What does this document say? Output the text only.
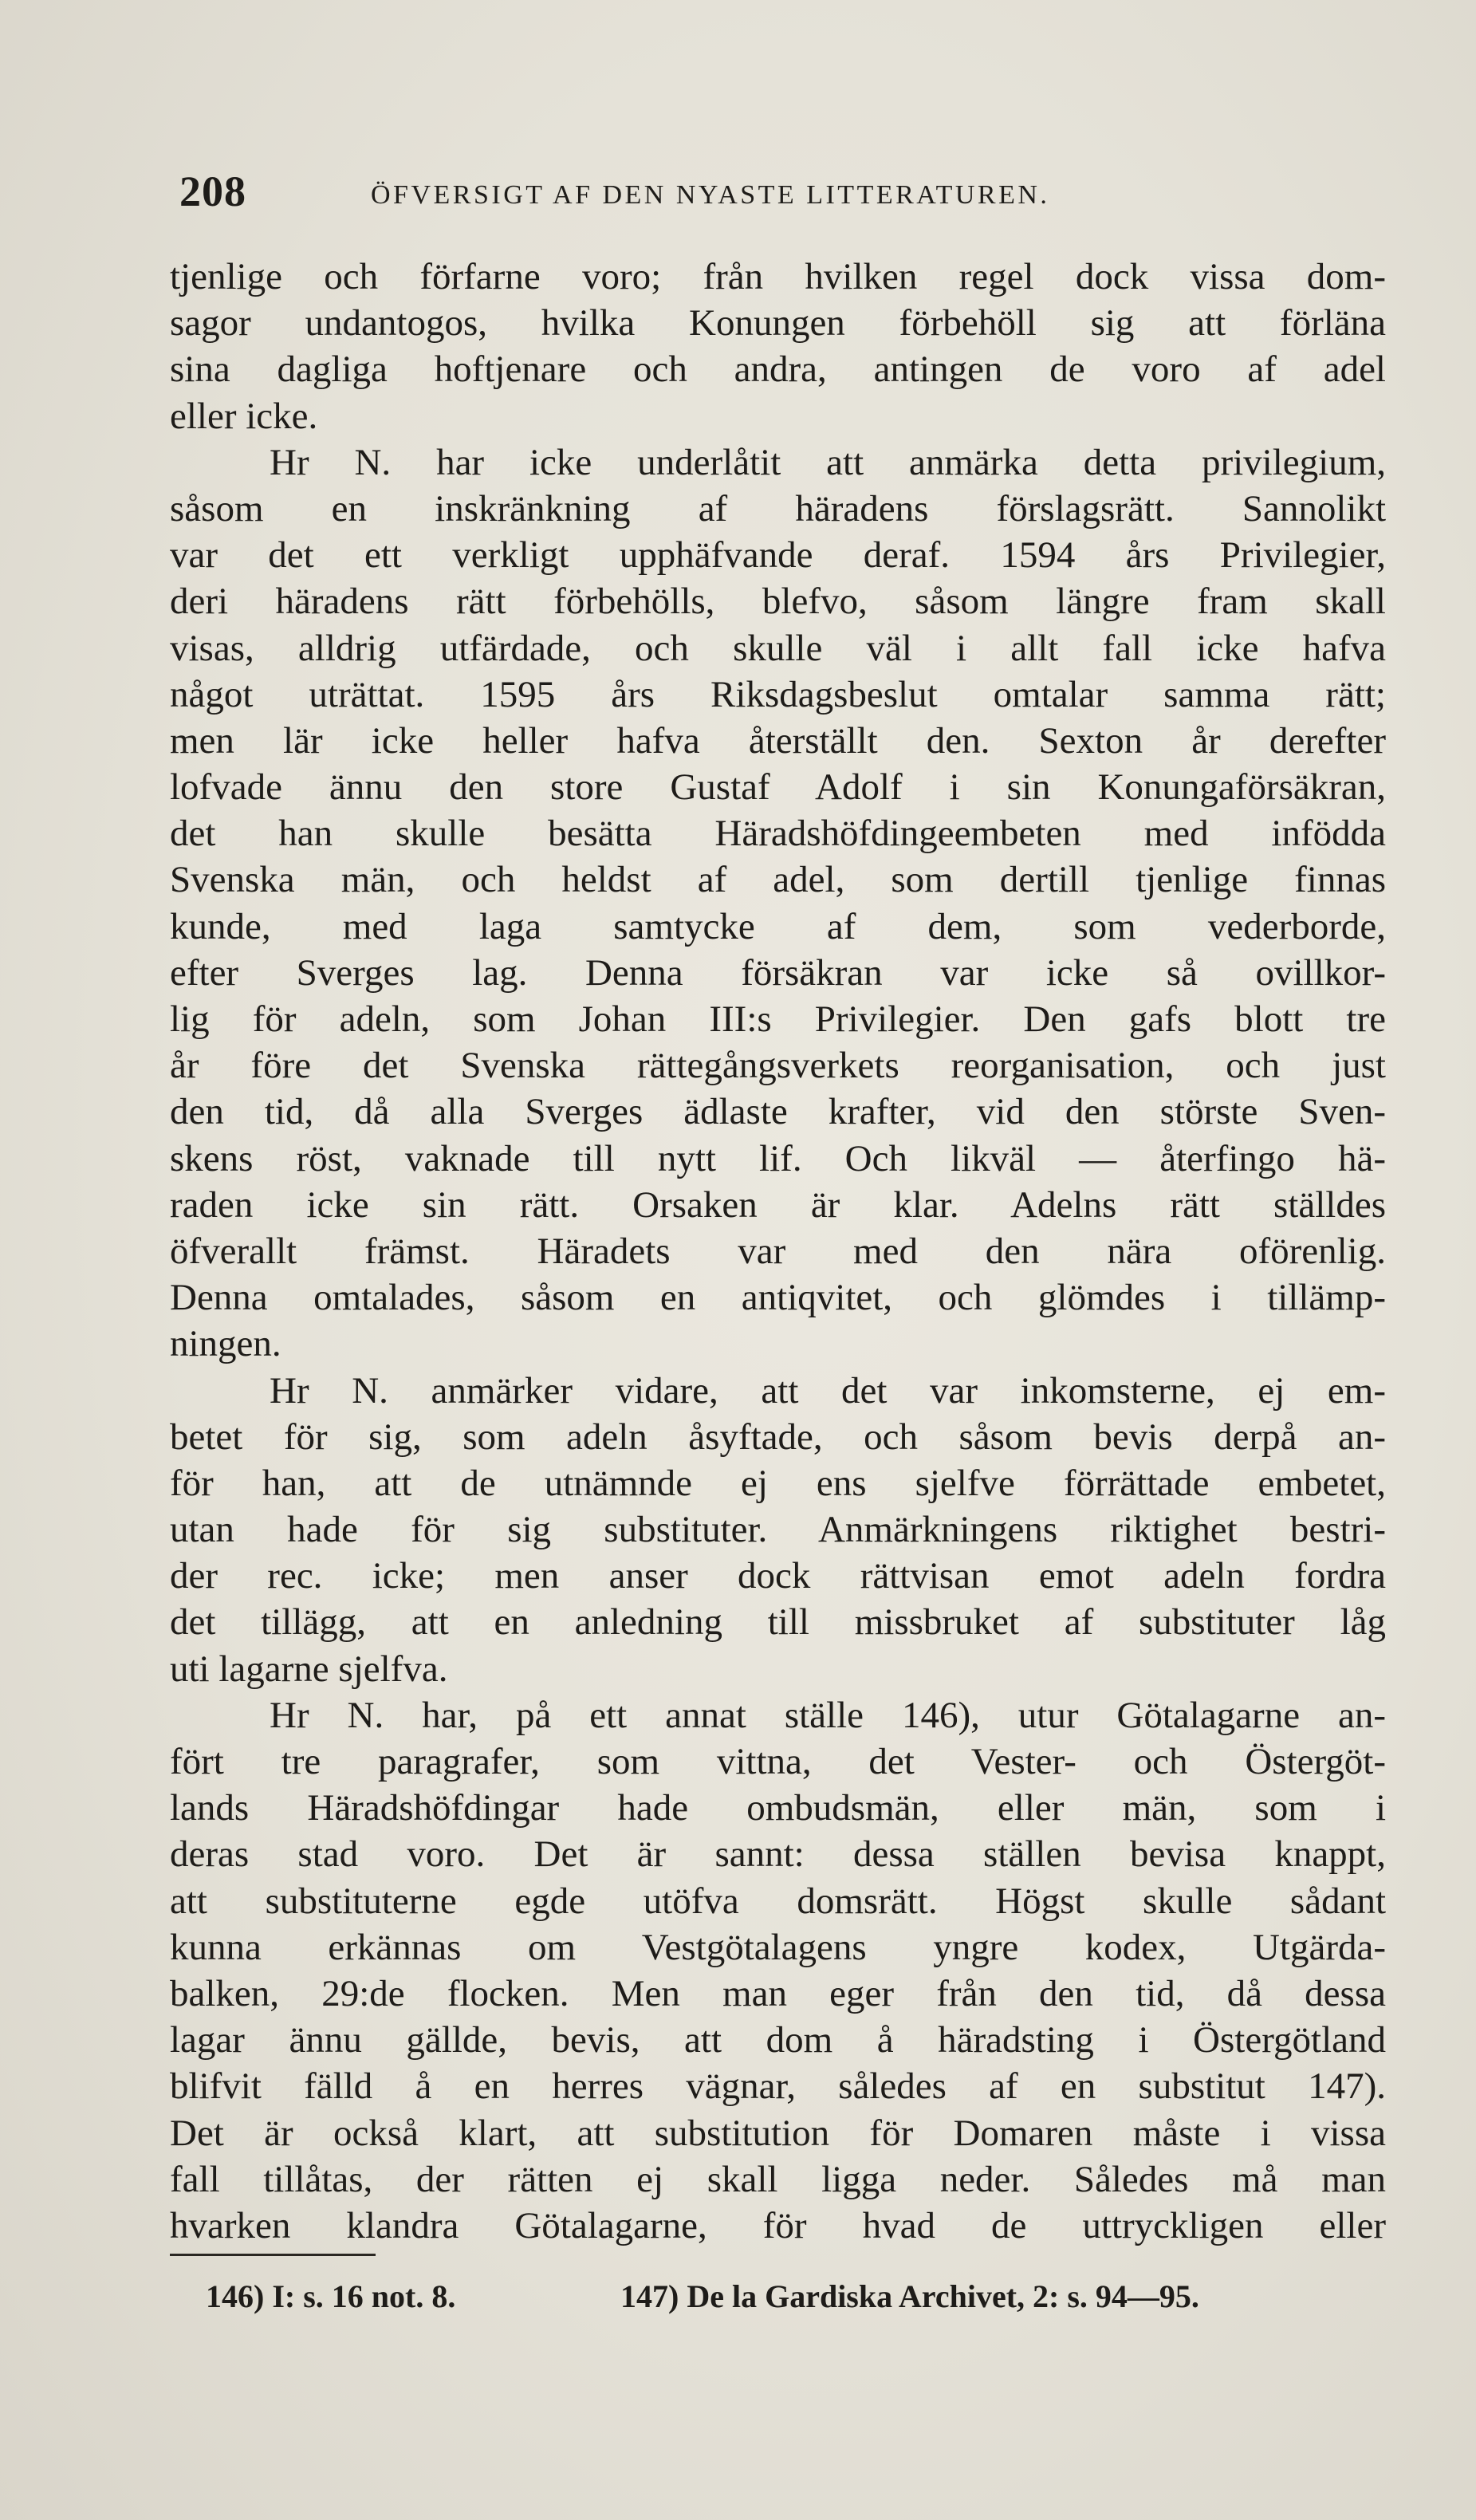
208	ÖFVERSIGT AF DEN NYASTE LITTERATUREN.
tjenlige och förfarne voro; från hvilken regel dock vissa dom-
sagor undantogos, hvilka Konungen förbehöll sig att förläna
sina dagliga hoftjenare och andra, antingen de voro af adel
eller icke.
Hr N. har icke underlåtit att anmärka detta privilegium,
såsom en inskränkning af häradens förslagsrätt. Sannolikt
var det ett verkligt upphäfvande deraf. 1594 års Privilegier,
deri häradens rätt förbehölls, blefvo, såsom längre fram skall
visas, alldrig utfärdade, och skulle väl i allt fall icke hafva
något uträttat. 1595 års Riksdagsbeslut omtalar samma rätt;
men lär icke heller hafva återställt den. Sexton år derefter
lofvade ännu den store Gustaf Adolf i sin Konungaförsäkran,
det han skulle besätta Häradshöfdingeembeten med infödda
Svenska män, och heldst af adel, som dertill tjenlige finnas
kunde, med laga samtycke af dem, som vederborde,
efter Sverges lag. Denna försäkran var icke så ovillkor-
lig för adeln, som Johan III:s Privilegier. Den gafs blott tre
år före det Svenska rättegångsverkets reorganisation, och just
den tid, då alla Sverges ädlaste krafter, vid den störste Sven-
skens röst, vaknade till nytt lif. Och likväl — återfingo hä-
raden icke sin rätt. Orsaken är klar. Adelns rätt ställdes
öfverallt främst. Häradets var med den nära oförenlig.
Denna omtalades, såsom en antiqvitet, och glömdes i tillämp-
ningen.
Hr N. anmärker vidare, att det var inkomsterne, ej em-
betet för sig, som adeln åsyftade, och såsom bevis derpå an-
för han, att de utnämnde ej ens sjelfve förrättade embetet,
utan hade för sig substituter. Anmärkningens riktighet bestri-
der rec. icke; men anser dock rättvisan emot adeln fordra
det tillägg, att en anledning till missbruket af substituter låg
uti lagarne sjelfva.
Hr N. har, på ett annat ställe 146), utur Götalagarne an-
fört tre paragrafer, som vittna, det Vester- och Östergöt-
lands Häradshöfdingar hade ombudsmän, eller män, som i
deras stad voro. Det är sannt: dessa ställen bevisa knappt,
att substituterne egde utöfva domsrätt. Högst skulle sådant
kunna erkännas om Vestgötalagens yngre kodex, Utgärda-
balken, 29:de flocken. Men man eger från den tid, då dessa
lagar ännu gällde, bevis, att dom å häradsting i Östergötland
blifvit fälld å en herres vägnar, således af en substitut 147).
Det är också klart, att substitution för Domaren måste i vissa
fall tillåtas, der rätten ej skall ligga neder. Således må man
hvarken klandra Götalagarne, för hvad de uttryckligen eller
146) I: s. 16 not. 8.	147) De la Gardiska Archivet, 2: s. 94—95.
